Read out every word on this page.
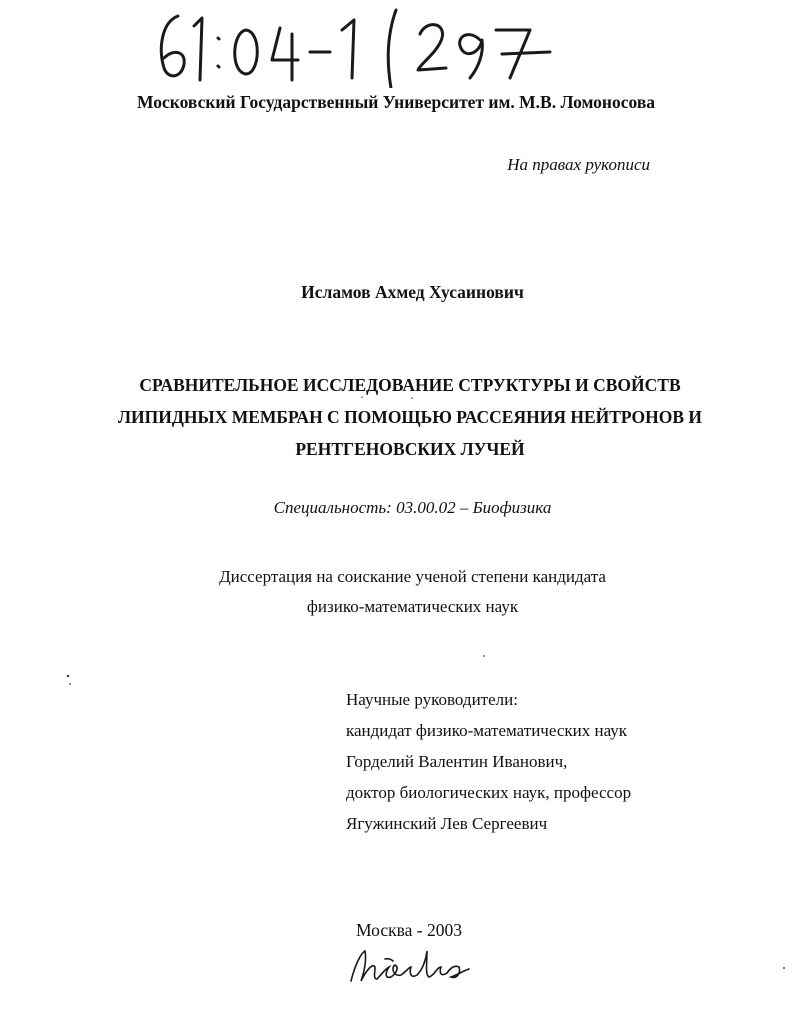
Московский Государственный Университет им. М.В. Ломоносова
На правах рукописи
Исламов Ахмед Хусаинович
СРАВНИТЕЛЬНОЕ ИССЛЕДОВАНИЕ СТРУКТУРЫ И СВОЙСТВ
ЛИПИДНЫХ МЕМБРАН С ПОМОЩЬЮ РАССЕЯНИЯ НЕЙТРОНОВ И
РЕНТГЕНОВСКИХ ЛУЧЕЙ
Специальность: 03.00.02 – Биофизика
Диссертация на соискание ученой степени кандидата
физико-математических наук
Научные руководители:
кандидат физико-математических наук
Горделий Валентин Иванович,
доктор биологических наук, профессор
Ягужинский Лев Сергеевич
Москва - 2003
